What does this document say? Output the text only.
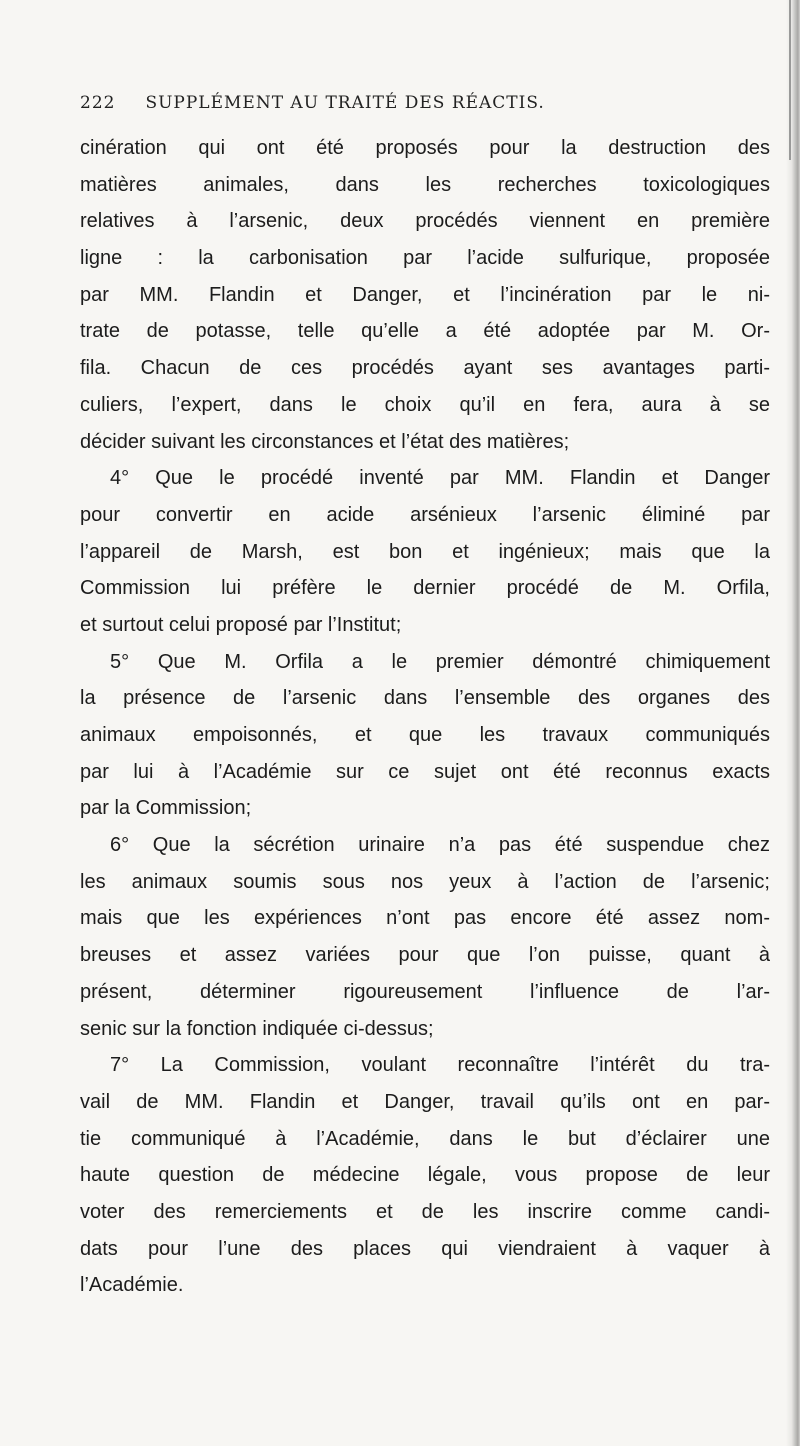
222 SUPPLÉMENT AU TRAITÉ DES RÉACTIS.
cinération qui ont été proposés pour la destruction des
matières animales, dans les recherches toxicologiques
relatives à l’arsenic, deux procédés viennent en première
ligne : la carbonisation par l’acide sulfurique, proposée
par MM. Flandin et Danger, et l’incinération par le ni-
trate de potasse, telle qu’elle a été adoptée par M. Or-
fila. Chacun de ces procédés ayant ses avantages parti-
culiers, l’expert, dans le choix qu’il en fera, aura à se
décider suivant les circonstances et l’état des matières;
4° Que le procédé inventé par MM. Flandin et Danger
pour convertir en acide arsénieux l’arsenic éliminé par
l’appareil de Marsh, est bon et ingénieux; mais que la
Commission lui préfère le dernier procédé de M. Orfila,
et surtout celui proposé par l’Institut;
5° Que M. Orfila a le premier démontré chimiquement
la présence de l’arsenic dans l’ensemble des organes des
animaux empoisonnés, et que les travaux communiqués
par lui à l’Académie sur ce sujet ont été reconnus exacts
par la Commission;
6° Que la sécrétion urinaire n’a pas été suspendue chez
les animaux soumis sous nos yeux à l’action de l’arsenic;
mais que les expériences n’ont pas encore été assez nom-
breuses et assez variées pour que l’on puisse, quant à
présent, déterminer rigoureusement l’influence de l’ar-
senic sur la fonction indiquée ci-dessus;
7° La Commission, voulant reconnaître l’intérêt du tra-
vail de MM. Flandin et Danger, travail qu’ils ont en par-
tie communiqué à l’Académie, dans le but d’éclairer une
haute question de médecine légale, vous propose de leur
voter des remerciements et de les inscrire comme candi-
dats pour l’une des places qui viendraient à vaquer à
l’Académie.
